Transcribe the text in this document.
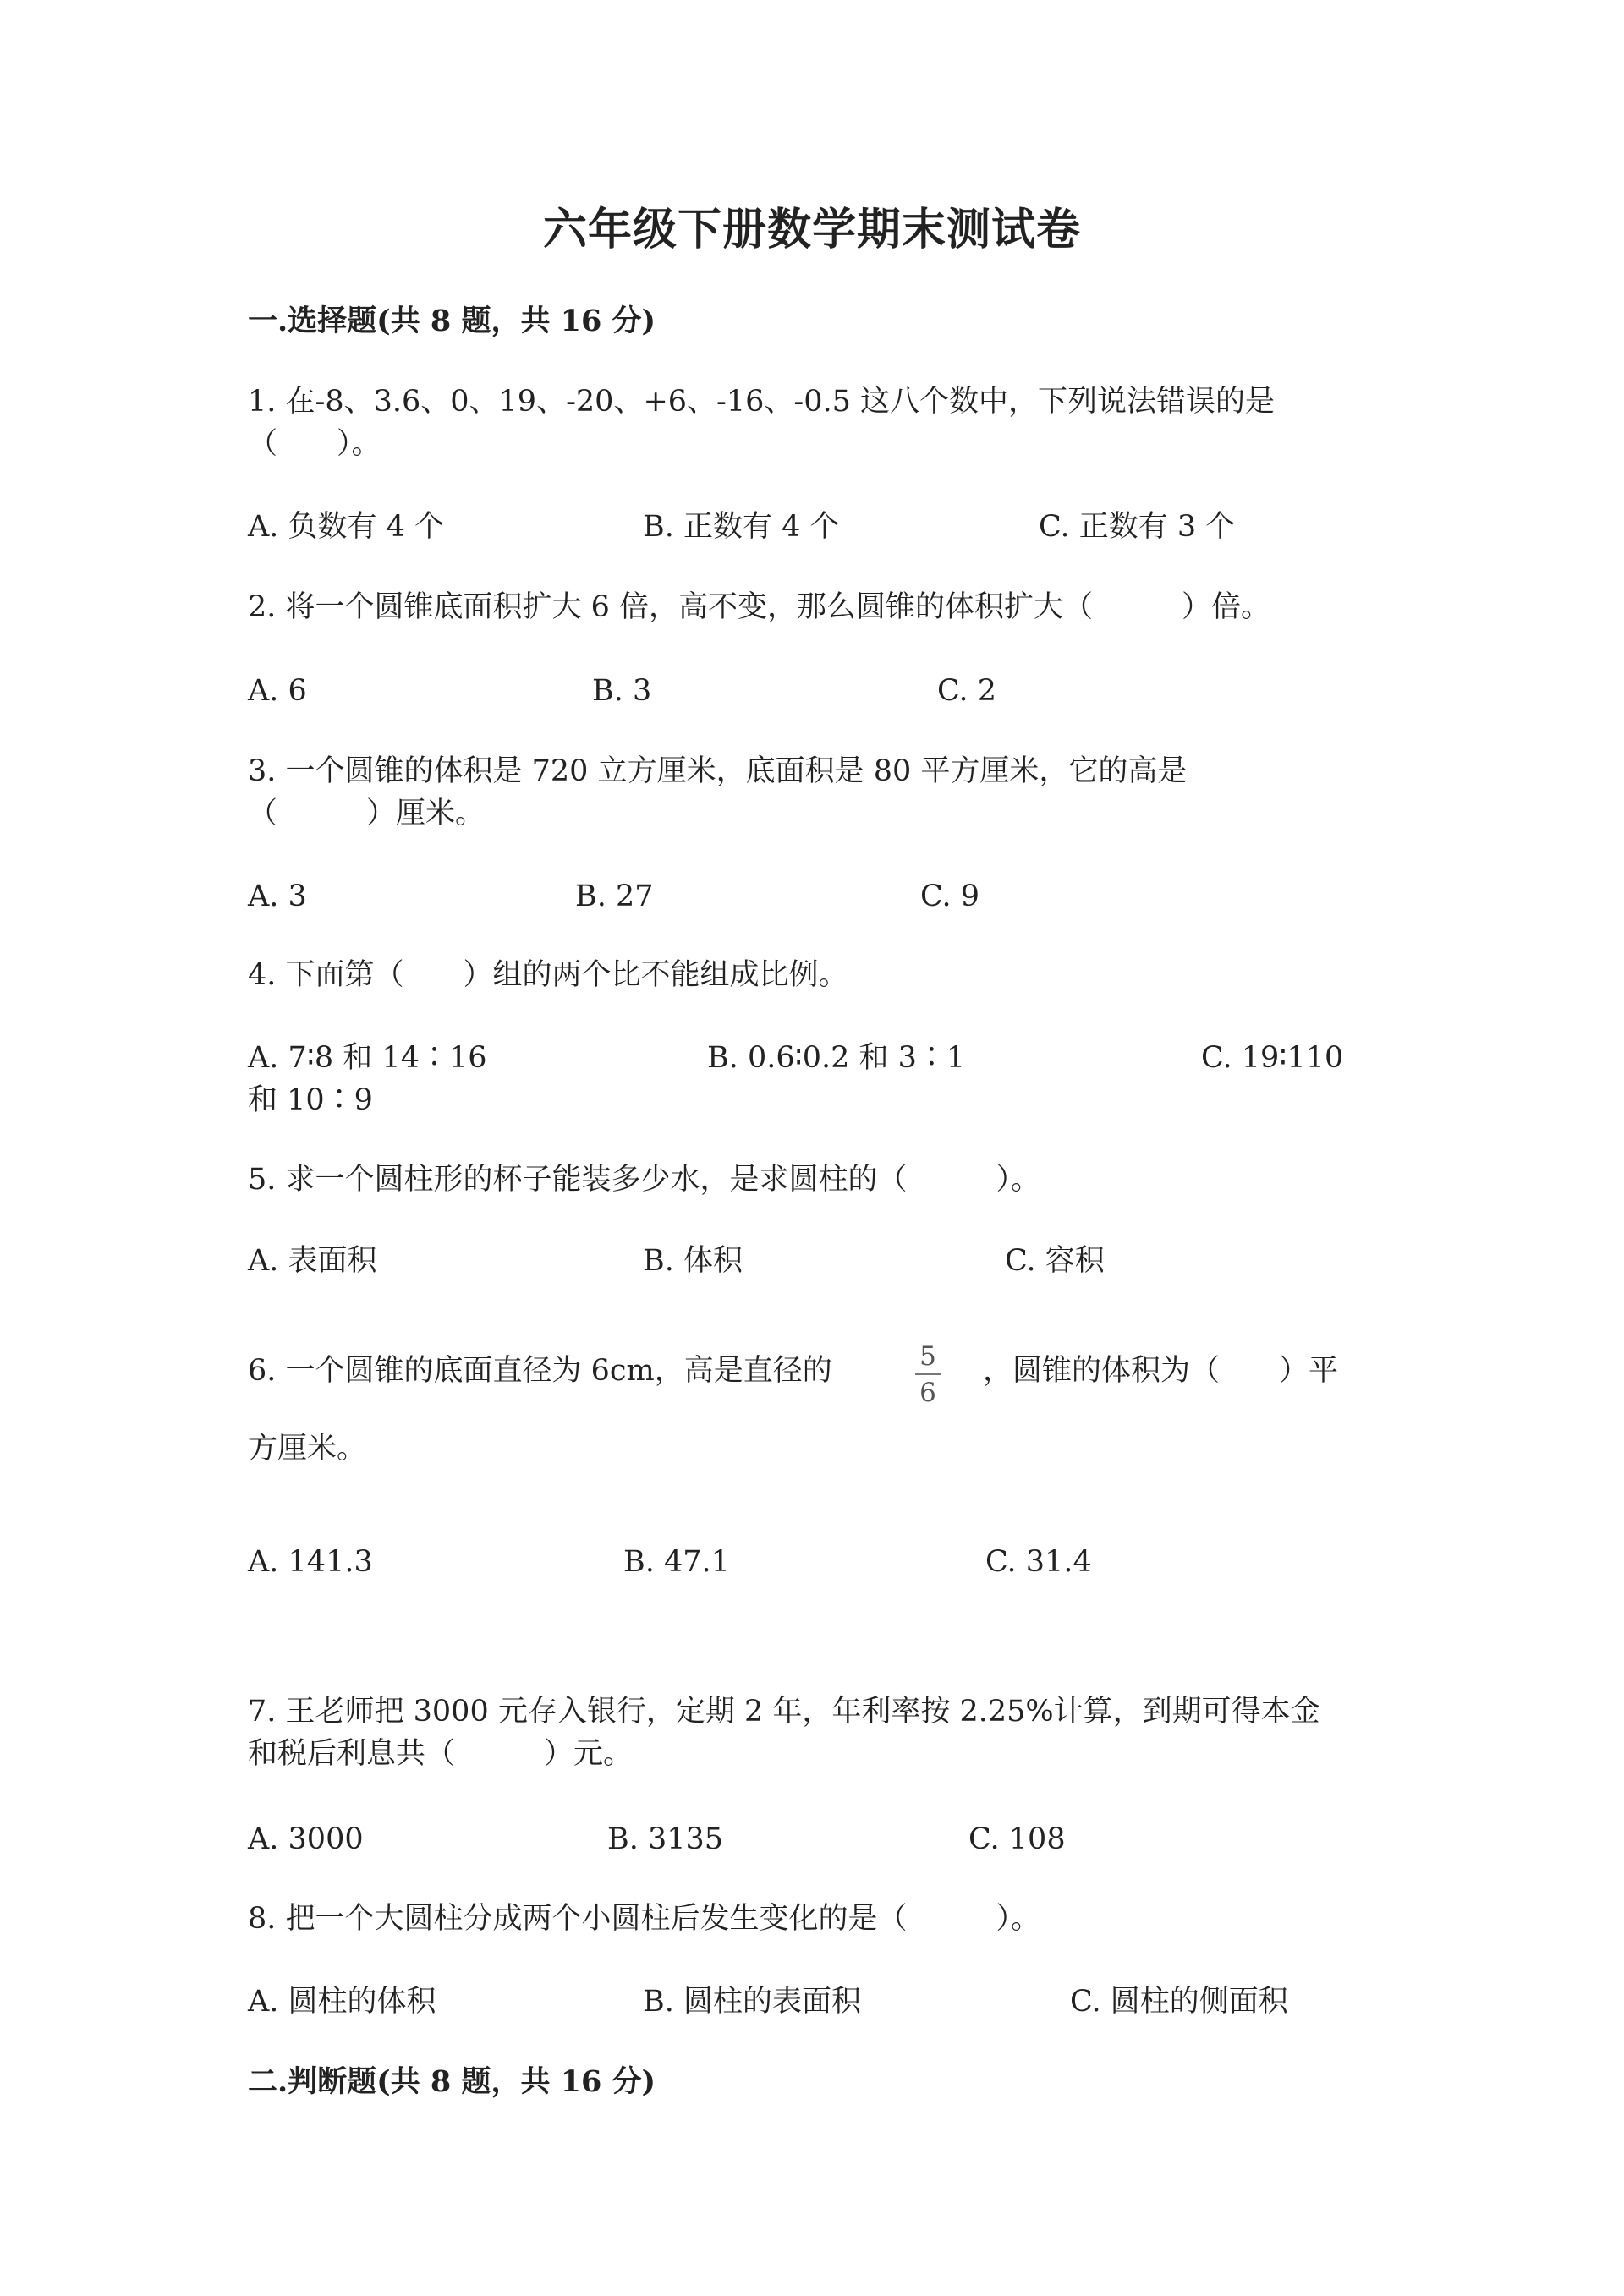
六年级下册数学期末测试卷
一.选择题(共 8 题，共 16 分)
1. 在-8、3.6、0、19、-20、+6、-16、-0.5 这八个数中，下列说法错误的是
（　　）。
A. 负数有 4 个	B. 正数有 4 个	C. 正数有 3 个
2. 将一个圆锥底面积扩大 6 倍，高不变，那么圆锥的体积扩大（　　　）倍。
A. 6	B. 3	C. 2
3. 一个圆锥的体积是 720 立方厘米，底面积是 80 平方厘米，它的高是
（　　　）厘米。
A. 3	B. 27	C. 9
4. 下面第（　　）组的两个比不能组成比例。
A. 7∶8 和 14∶16	B. 0.6∶0.2 和 3∶1	C. 19∶110
和 10∶9
5. 求一个圆柱形的杯子能装多少水，是求圆柱的（　　　）。
A. 表面积	B. 体积	C. 容积
6. 一个圆锥的底面直径为 6cm，高是直径的	5
6
，圆锥的体积为（　　）平
方厘米。
A. 141.3	B. 47.1	C. 31.4
7. 王老师把 3000 元存入银行，定期 2 年，年利率按 2.25%计算，到期可得本金
和税后利息共（　　　）元。
A. 3000	B. 3135	C. 108
8. 把一个大圆柱分成两个小圆柱后发生变化的是（　　　）。
A. 圆柱的体积	B. 圆柱的表面积	C. 圆柱的侧面积
二.判断题(共 8 题，共 16 分)
